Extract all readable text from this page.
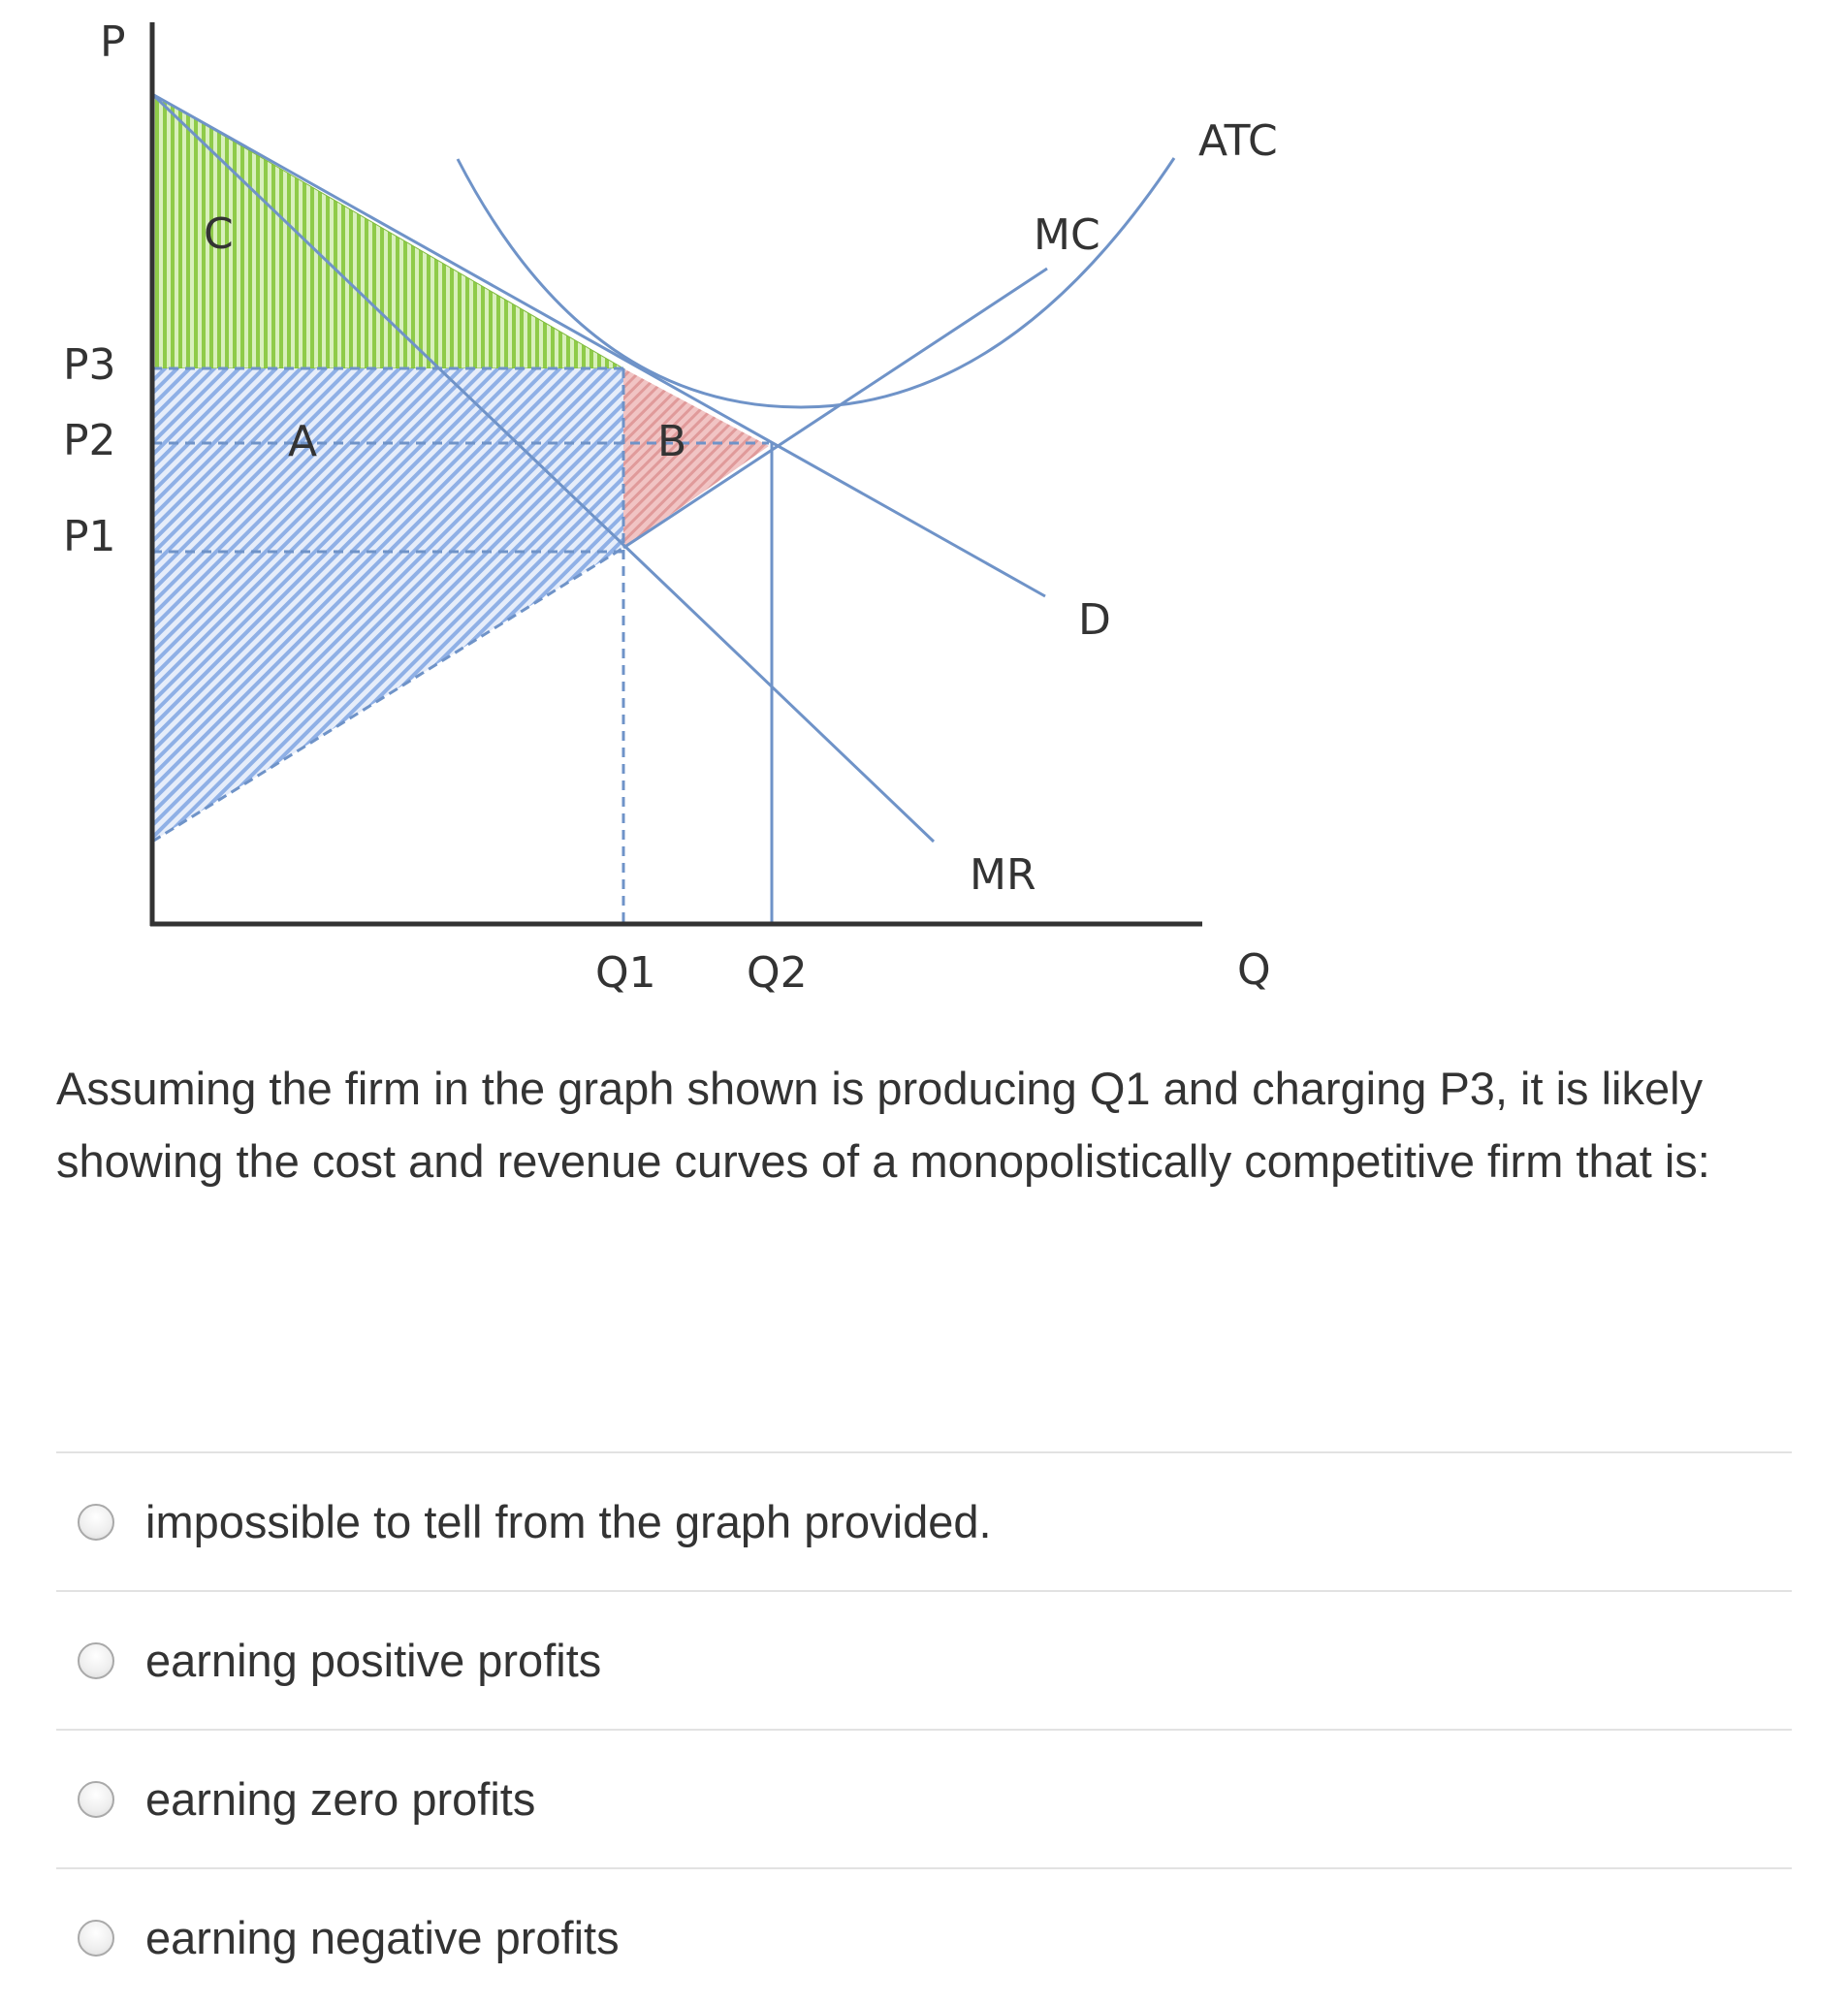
P
Q
P3
P2
P1
Q1 Q2
ATC
MC
D
MR
A	B
C

Assuming the firm in the graph shown is producing Q1 and charging P3, it is likely showing the cost and revenue curves of a monopolistically competitive firm that is:

impossible to tell from the graph provided.
earning positive profits
earning zero profits
earning negative profits
